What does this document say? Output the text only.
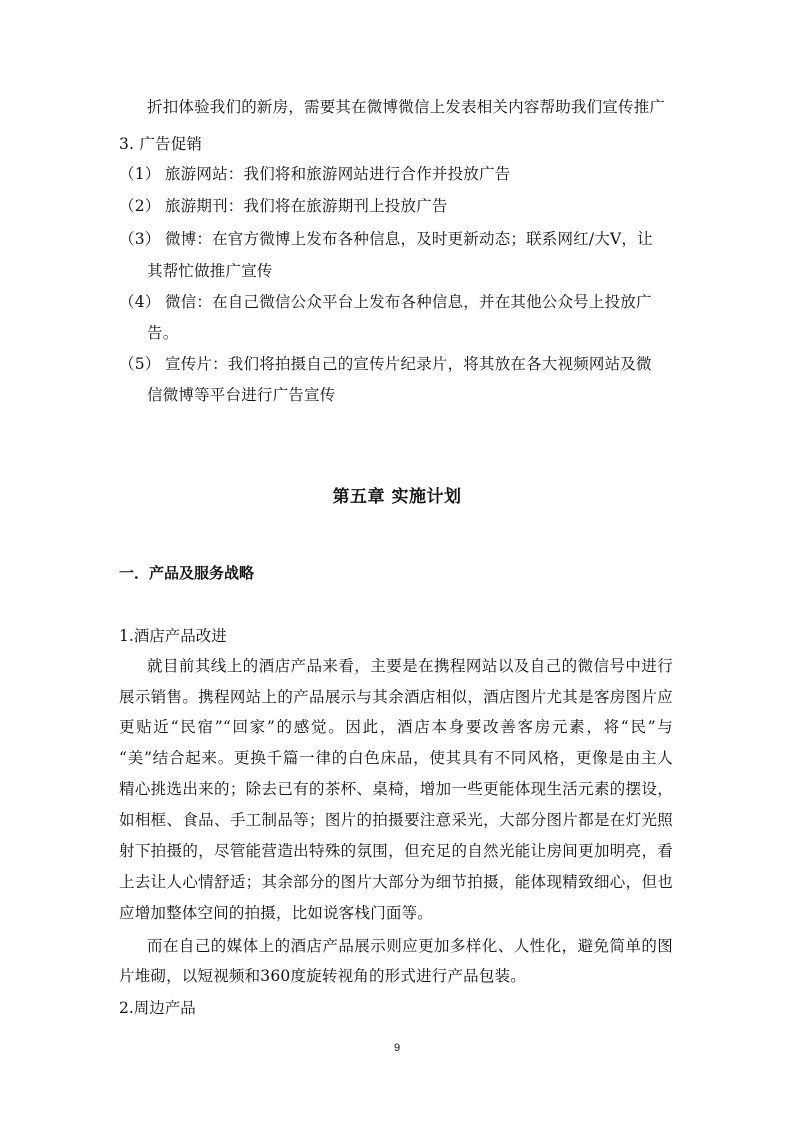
折扣体验我们的新房，需要其在微博微信上发表相关内容帮助我们宣传推广
3. 广告促销
（1） 旅游网站：我们将和旅游网站进行合作并投放广告
（2） 旅游期刊：我们将在旅游期刊上投放广告
（3） 微博：在官方微博上发布各种信息，及时更新动态；联系网红/大V，让
其帮忙做推广宣传
（4） 微信：在自己微信公众平台上发布各种信息，并在其他公众号上投放广
告。
（5） 宣传片：我们将拍摄自己的宣传片纪录片，将其放在各大视频网站及微
信微博等平台进行广告宣传
第五章 实施计划
一．产品及服务战略
1.酒店产品改进
就目前其线上的酒店产品来看，主要是在携程网站以及自己的微信号中进行
展示销售。携程网站上的产品展示与其余酒店相似，酒店图片尤其是客房图片应
更贴近“民宿”“回家”的感觉。因此，酒店本身要改善客房元素，将“民”与
“美”结合起来。更换千篇一律的白色床品，使其具有不同风格，更像是由主人
精心挑选出来的；除去已有的茶杯、桌椅，增加一些更能体现生活元素的摆设，
如相框、食品、手工制品等；图片的拍摄要注意采光，大部分图片都是在灯光照
射下拍摄的，尽管能营造出特殊的氛围，但充足的自然光能让房间更加明亮，看
上去让人心情舒适；其余部分的图片大部分为细节拍摄，能体现精致细心，但也
应增加整体空间的拍摄，比如说客栈门面等。
而在自己的媒体上的酒店产品展示则应更加多样化、人性化，避免简单的图
片堆砌，以短视频和360度旋转视角的形式进行产品包装。
2.周边产品
9
